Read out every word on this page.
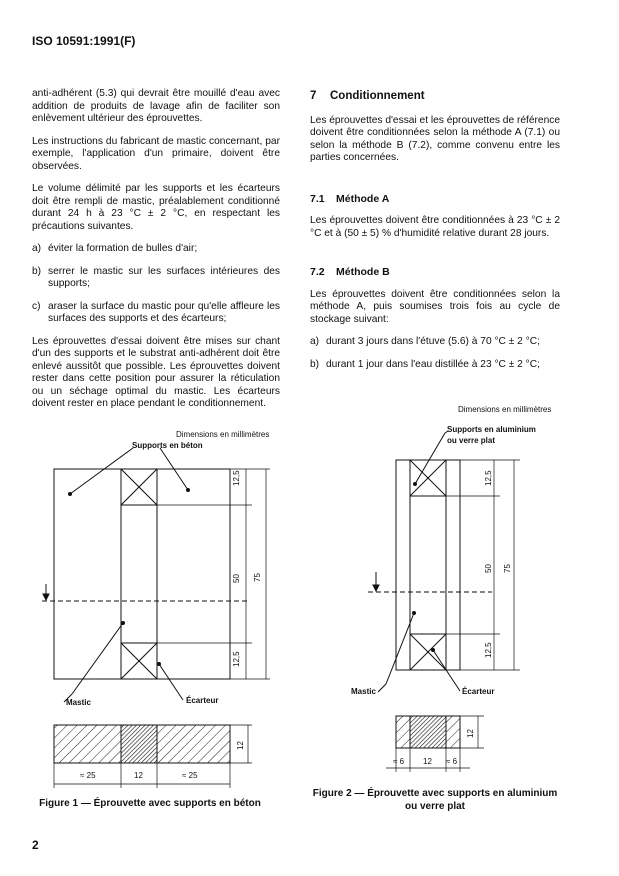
ISO 10591:1991(F)

anti-adhérent (5.3) qui devrait être mouillé d'eau avec addition de produits de lavage afin de faciliter son enlèvement ultérieur des éprouvettes.

Les instructions du fabricant de mastic concernant, par exemple, l'application d'un primaire, doivent être observées.

Le volume délimité par les supports et les écarteurs doit être rempli de mastic, préalablement conditionné durant 24 h à 23 °C ± 2 °C, en respectant les précautions suivantes.

a) éviter la formation de bulles d'air;
b) serrer le mastic sur les surfaces intérieures des supports;
c) araser la surface du mastic pour qu'elle affleure les surfaces des supports et des écarteurs;

Les éprouvettes d'essai doivent être mises sur chant d'un des supports et le substrat anti-adhérent doit être enlevé aussitôt que possible. Les éprouvettes doivent rester dans cette position pour assurer la réticulation ou un séchage optimal du mastic. Les écarteurs doivent rester en place pendant le conditionnement.

7 Conditionnement

Les éprouvettes d'essai et les éprouvettes de référence doivent être conditionnées selon la méthode A (7.1) ou selon la méthode B (7.2), comme convenu entre les parties concernées.

7.1 Méthode A

Les éprouvettes doivent être conditionnées à 23 °C ± 2 °C et à (50 ± 5) % d'humidité relative durant 28 jours.

7.2 Méthode B

Les éprouvettes doivent être conditionnées selon la méthode A, puis soumises trois fois au cycle de stockage suivant:

a) durant 3 jours dans l'étuve (5.6) à 70 °C ± 2 °C;
b) durant 1 jour dans l'eau distillée à 23 °C ± 2 °C;
Dimensions en millimètres
Supports en béton
Mastic	Écarteur
12,5
50 75
12,5
12
≈ 25	12	≈ 25
Figure 1 — Éprouvette avec supports en béton
Dimensions en millimètres
Supports en aluminium
ou verre plat
Mastic	Écarteur
12,5
50 75
12,5
12
≈ 6 12 ≈ 6
Figure 2 — Éprouvette avec supports en aluminium
ou verre plat
2
